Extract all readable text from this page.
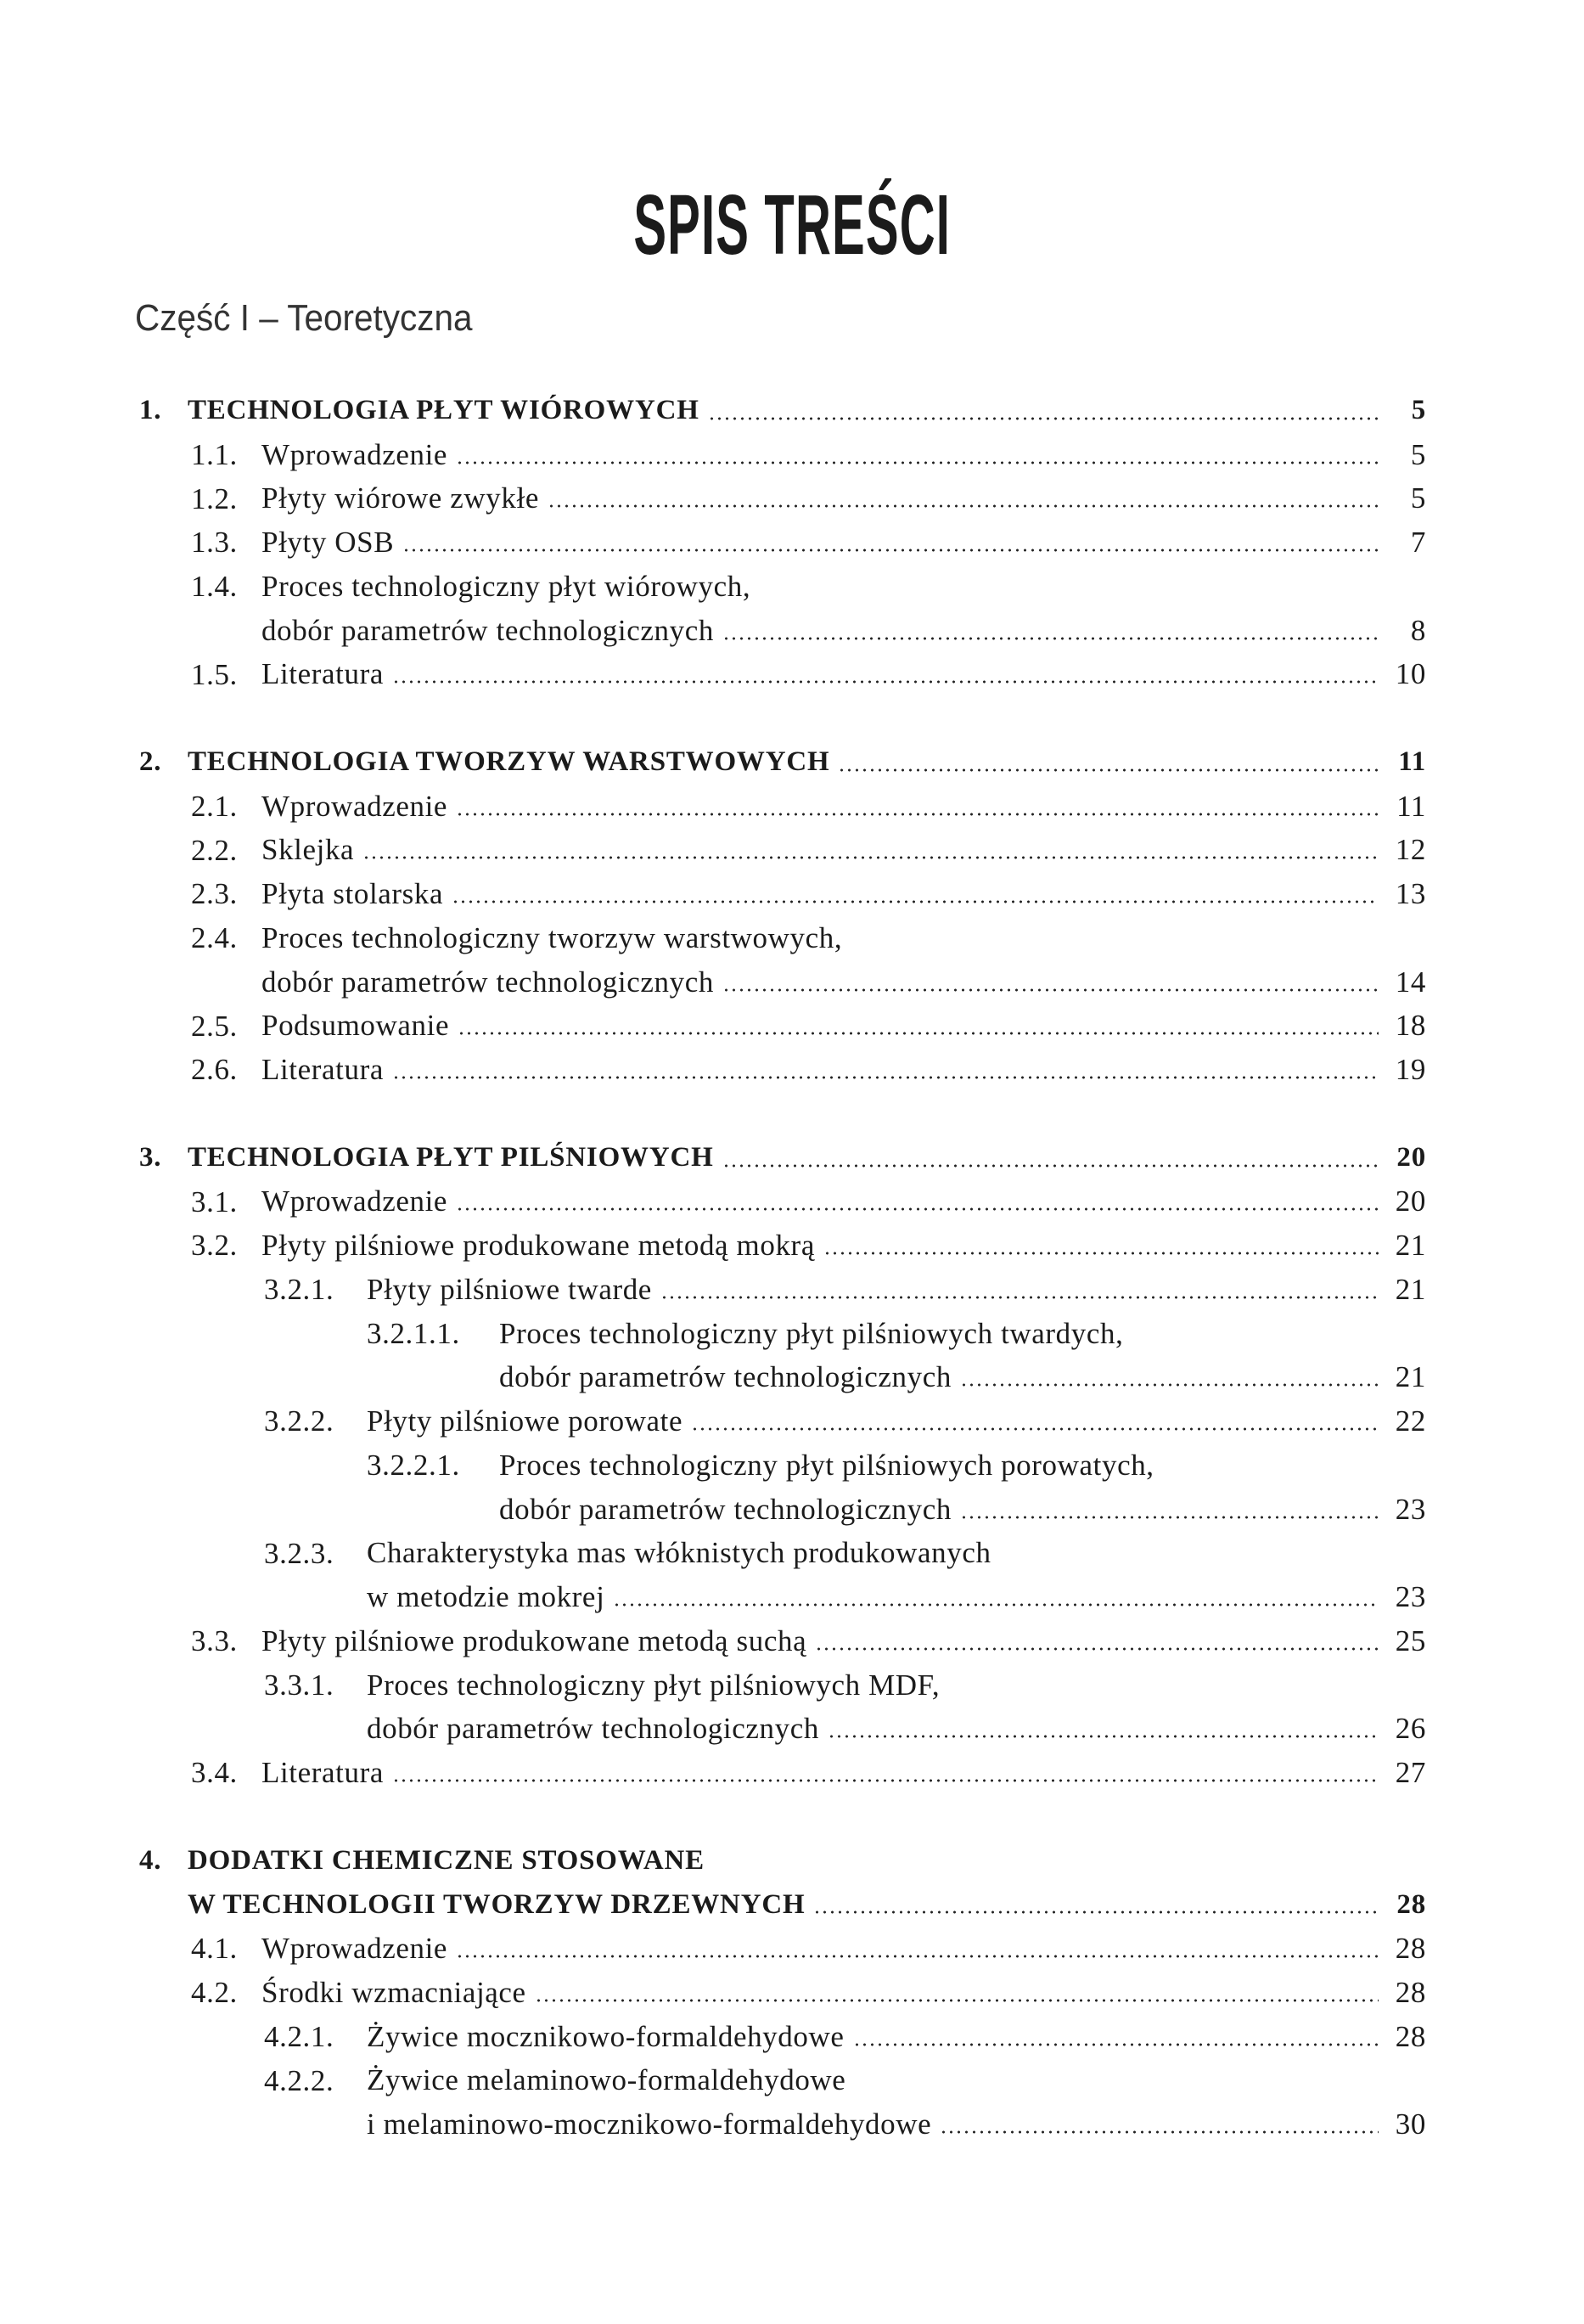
SPIS TREŚCI
Część I – Teoretyczna
1. TECHNOLOGIA PŁYT WIÓROWYCH	5
1.1. Wprowadzenie	5
1.2. Płyty wiórowe zwykłe	5
1.3. Płyty OSB	7
1.4. Proces technologiczny płyt wiórowych,
dobór parametrów technologicznych	8
1.5. Literatura	10
2. TECHNOLOGIA TWORZYW WARSTWOWYCH	11
2.1. Wprowadzenie	11
2.2. Sklejka	12
2.3. Płyta stolarska	13
2.4. Proces technologiczny tworzyw warstwowych,
dobór parametrów technologicznych	14
2.5. Podsumowanie	18
2.6. Literatura	19
3. TECHNOLOGIA PŁYT PILŚNIOWYCH	20
3.1. Wprowadzenie	20
3.2. Płyty pilśniowe produkowane metodą mokrą	21
3.2.1. Płyty pilśniowe twarde	21
3.2.1.1. Proces technologiczny płyt pilśniowych twardych,
dobór parametrów technologicznych	21
3.2.2. Płyty pilśniowe porowate	22
3.2.2.1. Proces technologiczny płyt pilśniowych porowatych,
dobór parametrów technologicznych	23
3.2.3. Charakterystyka mas włóknistych produkowanych
w metodzie mokrej	23
3.3. Płyty pilśniowe produkowane metodą suchą	25
3.3.1. Proces technologiczny płyt pilśniowych MDF,
dobór parametrów technologicznych	26
3.4. Literatura	27
4. DODATKI CHEMICZNE STOSOWANE
W TECHNOLOGII TWORZYW DRZEWNYCH	28
4.1. Wprowadzenie	28
4.2. Środki wzmacniające	28
4.2.1. Żywice mocznikowo-formaldehydowe	28
4.2.2. Żywice melaminowo-formaldehydowe
i melaminowo-mocznikowo-formaldehydowe	30
